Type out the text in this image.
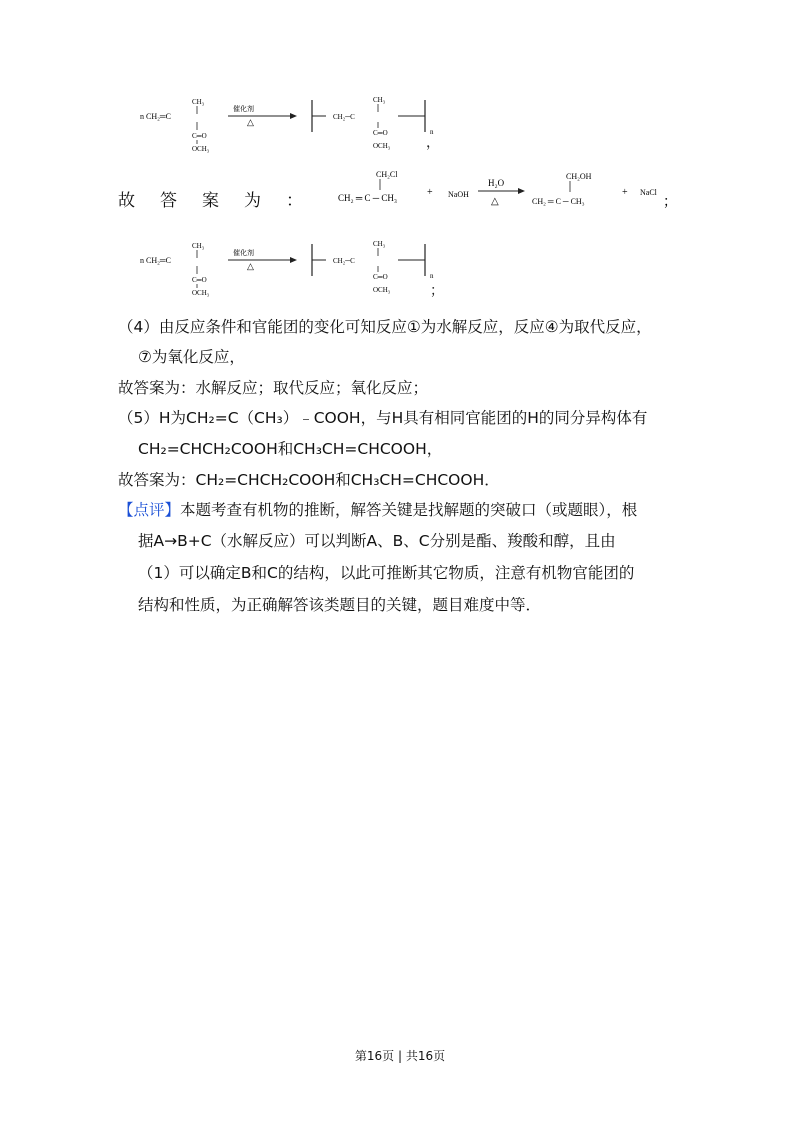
n CH₂═C
CH₃
C═O
OCH₃
催化剂
△	CH₂─C
CH₃
C═O
OCH₃
n
，
故 答 案 为 ：
CH₂Cl
CH₂ ═ C ─ CH₃	+ NaOH
H₂O
△
CH₂OH
CH₂ ═ C ─ CH₃
+ NaCl
；
n CH₂═C
CH₃
C═O
OCH₃
催化剂
△	CH₂─C
CH₃
C═O
OCH₃
n
；
（4）由反应条件和官能团的变化可知反应①为水解反应，反应④为取代反应，
⑦为氧化反应，
故答案为：水解反应；取代反应；氧化反应；
（5）H为CH₂=C（CH₃）﹣COOH，与H具有相同官能团的H的同分异构体有
CH₂=CHCH₂COOH和CH₃CH=CHCOOH，
故答案为：CH₂=CHCH₂COOH和CH₃CH=CHCOOH．
【点评】本题考查有机物的推断，解答关键是找解题的突破口（或题眼），根
据A→B+C（水解反应）可以判断A、B、C分别是酯、羧酸和醇，且由
（1）可以确定B和C的结构，以此可推断其它物质，注意有机物官能团的
结构和性质，为正确解答该类题目的关键，题目难度中等．
第16页 | 共16页
